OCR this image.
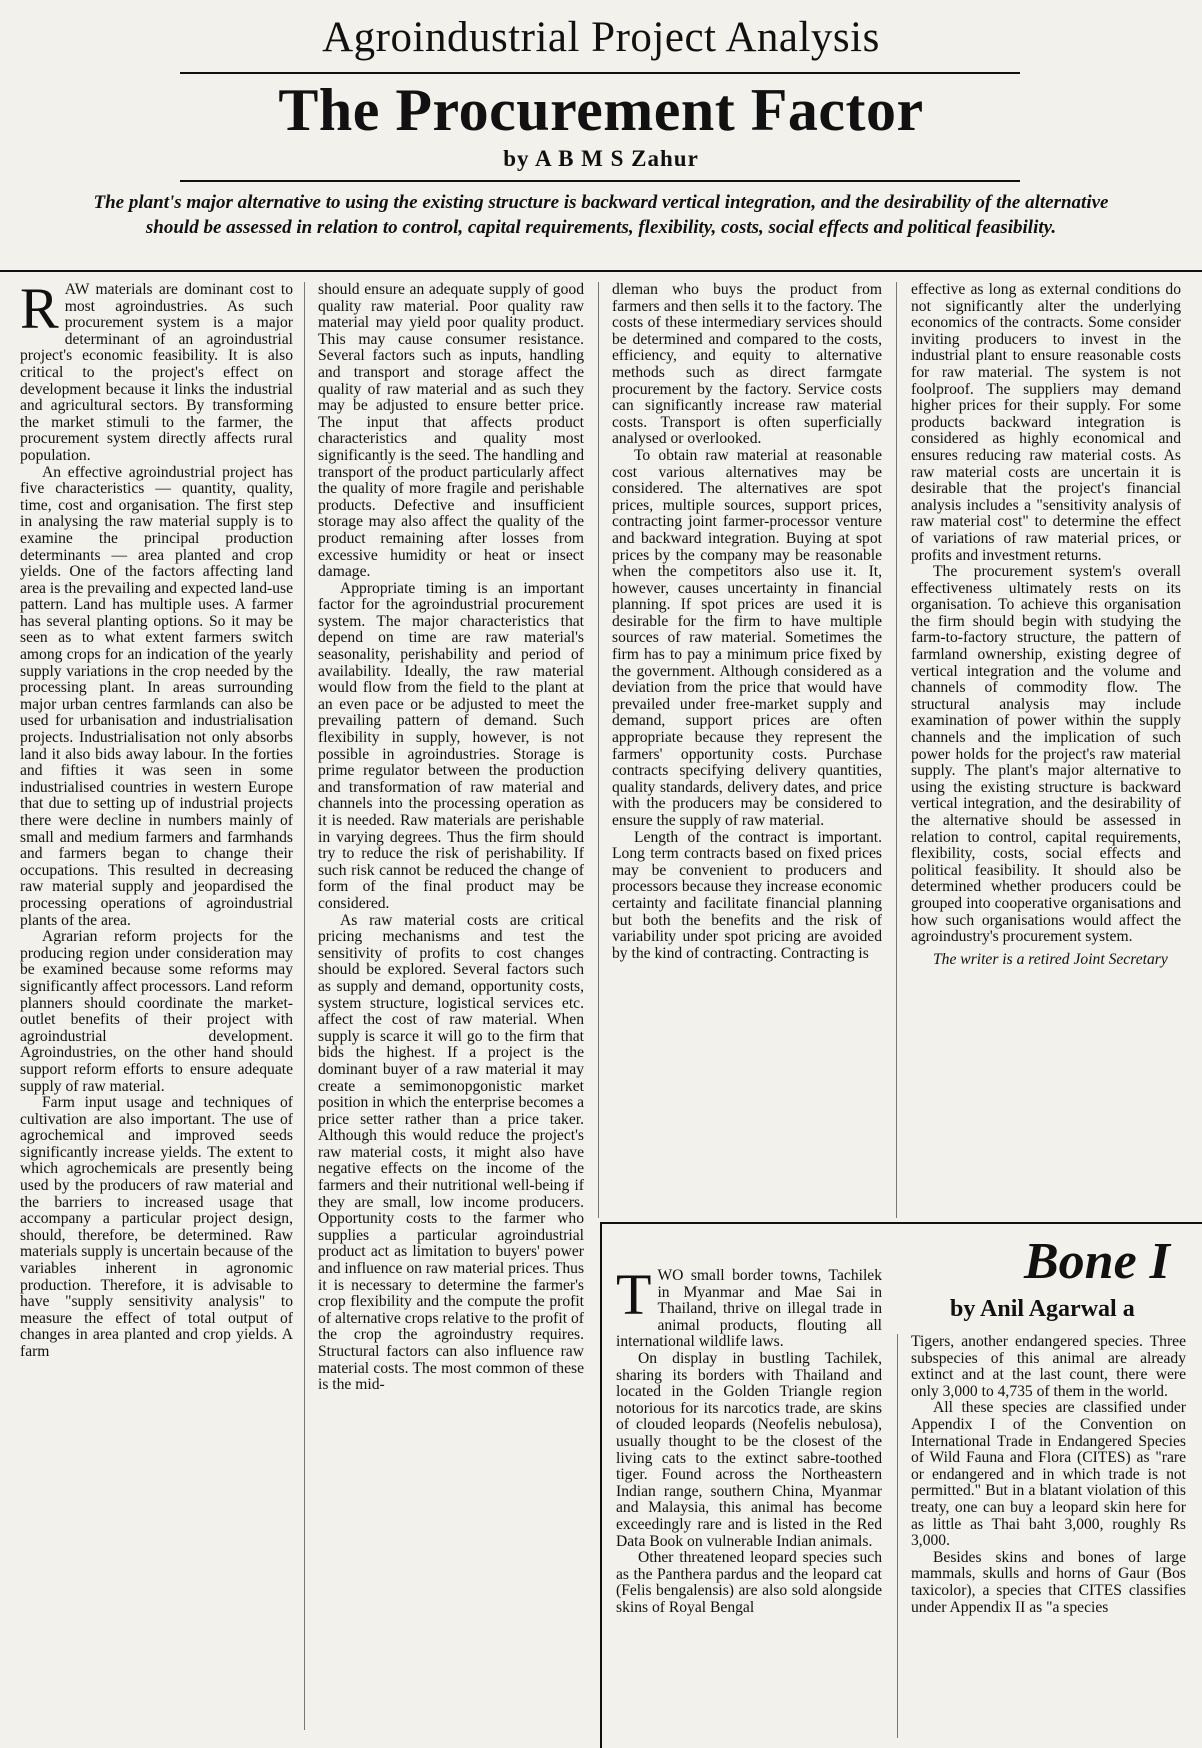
Agroindustrial Project Analysis
The Procurement Factor
by A B M S Zahur
The plant's major alternative to using the existing structure is backward vertical integration, and the desirability of the alternative should be assessed in relation to control, capital requirements, flexibility, costs, social effects and political feasibility.

RAW materials are dominant cost to most agroindustries. As such procurement system is a major determinant of an agroindustrial project's economic feasibility. It is also critical to the project's effect on development because it links the industrial and agricultural sectors. By transforming the market stimuli to the farmer, the procurement system directly affects rural population.

An effective agroindustrial project has five characteristics — quantity, quality, time, cost and organisation. The first step in analysing the raw material supply is to examine the principal production determinants — area planted and crop yields. One of the factors affecting land area is the prevailing and expected land-use pattern. Land has multiple uses. A farmer has several planting options. So it may be seen as to what extent farmers switch among crops for an indication of the yearly supply variations in the crop needed by the processing plant. In areas surrounding major urban centres farmlands can also be used for urbanisation and industrialisation projects. Industrialisation not only absorbs land it also bids away labour. In the forties and fifties it was seen in some industrialised countries in western Europe that due to setting up of industrial projects there were decline in numbers mainly of small and medium farmers and farmhands and farmers began to change their occupations. This resulted in decreasing raw material supply and jeopardised the processing operations of agroindustrial plants of the area.

Agrarian reform projects for the producing region under consideration may be examined because some reforms may significantly affect processors. Land reform planners should coordinate the market-outlet benefits of their project with agroindustrial development. Agroindustries, on the other hand should support reform efforts to ensure adequate supply of raw material.

Farm input usage and techniques of cultivation are also important. The use of agrochemical and improved seeds significantly increase yields. The extent to which agrochemicals are presently being used by the producers of raw material and the barriers to increased usage that accompany a particular project design, should, therefore, be determined. Raw materials supply is uncertain because of the variables inherent in agronomic production. Therefore, it is advisable to have "supply sensitivity analysis" to measure the effect of total output of changes in area planted and crop yields. A farm

should ensure an adequate supply of good quality raw material. Poor quality raw material may yield poor quality product. This may cause consumer resistance. Several factors such as inputs, handling and transport and storage affect the quality of raw material and as such they may be adjusted to ensure better price. The input that affects product characteristics and quality most significantly is the seed. The handling and transport of the product particularly affect the quality of more fragile and perishable products. Defective and insufficient storage may also affect the quality of the product remaining after losses from excessive humidity or heat or insect damage.

Appropriate timing is an important factor for the agroindustrial procurement system. The major characteristics that depend on time are raw material's seasonality, perishability and period of availability. Ideally, the raw material would flow from the field to the plant at an even pace or be adjusted to meet the prevailing pattern of demand. Such flexibility in supply, however, is not possible in agroindustries. Storage is prime regulator between the production and transformation of raw material and channels into the processing operation as it is needed. Raw materials are perishable in varying degrees. Thus the firm should try to reduce the risk of perishability. If such risk cannot be reduced the change of form of the final product may be considered.

As raw material costs are critical pricing mechanisms and test the sensitivity of profits to cost changes should be explored. Several factors such as supply and demand, opportunity costs, system structure, logistical services etc. affect the cost of raw material. When supply is scarce it will go to the firm that bids the highest. If a project is the dominant buyer of a raw material it may create a semimonopgonistic market position in which the enterprise becomes a price setter rather than a price taker. Although this would reduce the project's raw material costs, it might also have negative effects on the income of the farmers and their nutritional well-being if they are small, low income producers. Opportunity costs to the farmer who supplies a particular agroindustrial product act as limitation to buyers' power and influence on raw material prices. Thus it is necessary to determine the farmer's crop flexibility and the compute the profit of alternative crops relative to the profit of the crop the agroindustry requires. Structural factors can also influence raw material costs. The most common of these is the mid-

dleman who buys the product from farmers and then sells it to the factory. The costs of these intermediary services should be determined and compared to the costs, efficiency, and equity to alternative methods such as direct farmgate procurement by the factory. Service costs can significantly increase raw material costs. Transport is often superficially analysed or overlooked.

To obtain raw material at reasonable cost various alternatives may be considered. The alternatives are spot prices, multiple sources, support prices, contracting joint farmer-processor venture and backward integration. Buying at spot prices by the company may be reasonable when the competitors also use it. It, however, causes uncertainty in financial planning. If spot prices are used it is desirable for the firm to have multiple sources of raw material. Sometimes the firm has to pay a minimum price fixed by the government. Although considered as a deviation from the price that would have prevailed under free-market supply and demand, support prices are often appropriate because they represent the farmers' opportunity costs. Purchase contracts specifying delivery quantities, quality standards, delivery dates, and price with the producers may be considered to ensure the supply of raw material.

Length of the contract is important. Long term contracts based on fixed prices may be convenient to producers and processors because they increase economic certainty and facilitate financial planning but both the benefits and the risk of variability under spot pricing are avoided by the kind of contracting. Contracting is

effective as long as external conditions do not significantly alter the underlying economics of the contracts. Some consider inviting producers to invest in the industrial plant to ensure reasonable costs for raw material. The system is not foolproof. The suppliers may demand higher prices for their supply. For some products backward integration is considered as highly economical and ensures reducing raw material costs. As raw material costs are uncertain it is desirable that the project's financial analysis includes a "sensitivity analysis of raw material cost" to determine the effect of variations of raw material prices, or profits and investment returns.

The procurement system's overall effectiveness ultimately rests on its organisation. To achieve this organisation the firm should begin with studying the farm-to-factory structure, the pattern of farmland ownership, existing degree of vertical integration and the volume and channels of commodity flow. The structural analysis may include examination of power within the supply channels and the implication of such power holds for the project's raw material supply. The plant's major alternative to using the existing structure is backward vertical integration, and the desirability of the alternative should be assessed in relation to control, capital requirements, flexibility, costs, social effects and political feasibility. It should also be determined whether producers could be grouped into cooperative organisations and how such organisations would affect the agroindustry's procurement system.

The writer is a retired Joint Secretary

Bone I
by Anil Agarwal a

TWO small border towns, Tachilek in Myanmar and Mae Sai in Thailand, thrive on illegal trade in animal products, flouting all international wildlife laws.

On display in bustling Tachilek, sharing its borders with Thailand and located in the Golden Triangle region notorious for its narcotics trade, are skins of clouded leopards (Neofelis nebulosa), usually thought to be the closest of the living cats to the extinct sabre-toothed tiger. Found across the Northeastern Indian range, southern China, Myanmar and Malaysia, this animal has become exceedingly rare and is listed in the Red Data Book on vulnerable Indian animals.

Other threatened leopard species such as the Panthera pardus and the leopard cat (Felis bengalensis) are also sold alongside skins of Royal Bengal

Tigers, another endangered species. Three subspecies of this animal are already extinct and at the last count, there were only 3,000 to 4,735 of them in the world.

All these species are classified under Appendix I of the Convention on International Trade in Endangered Species of Wild Fauna and Flora (CITES) as "rare or endangered and in which trade is not permitted." But in a blatant violation of this treaty, one can buy a leopard skin here for as little as Thai baht 3,000, roughly Rs 3,000.

Besides skins and bones of large mammals, skulls and horns of Gaur (Bos taxicolor), a species that CITES classifies under Appendix II as "a species
